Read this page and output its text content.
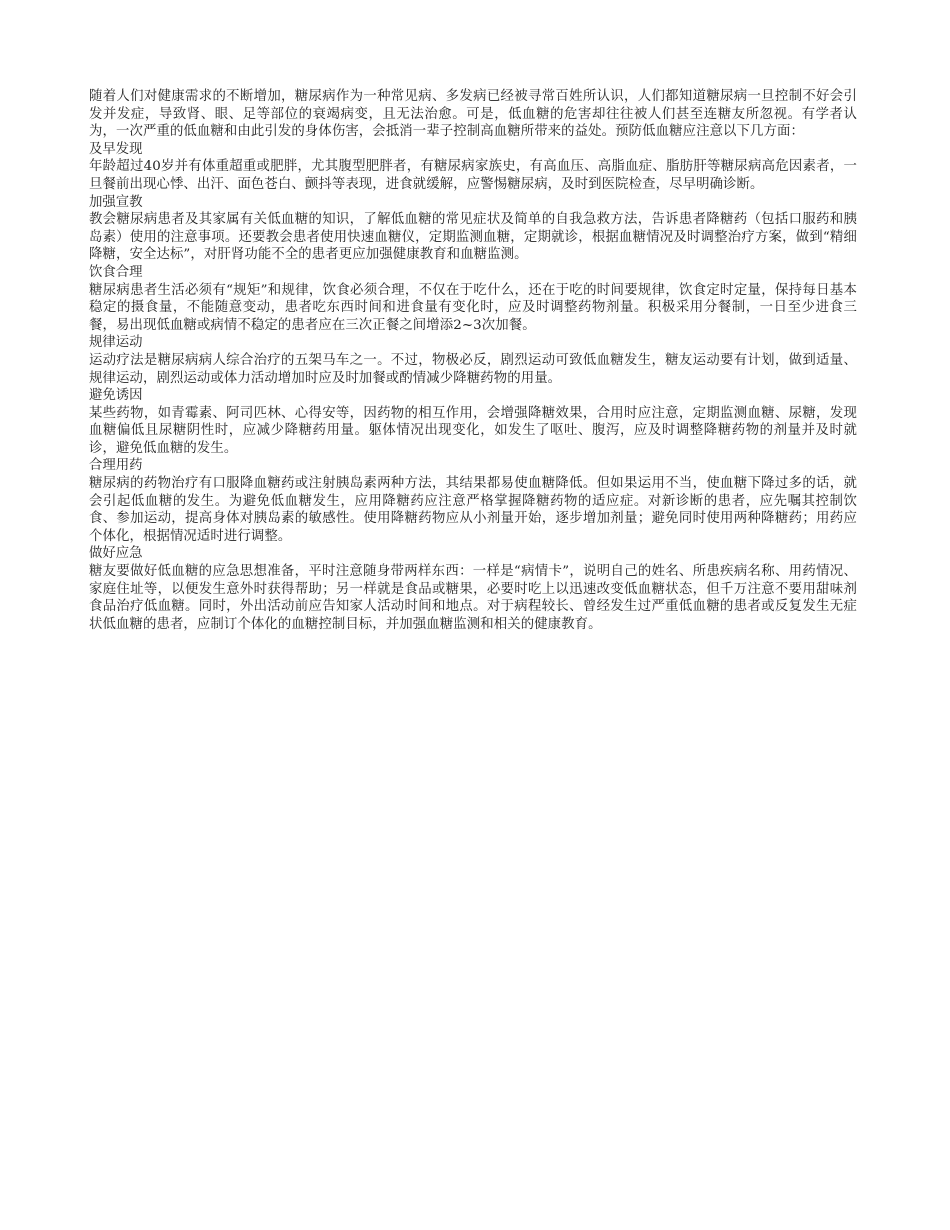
随着人们对健康需求的不断增加，糖尿病作为一种常见病、多发病已经被寻常百姓所认识，人们都知道糖尿病一旦控制不好会引发并发症，导致肾、眼、足等部位的衰竭病变，且无法治愈。可是，低血糖的危害却往往被人们甚至连糖友所忽视。有学者认为，一次严重的低血糖和由此引发的身体伤害，会抵消一辈子控制高血糖所带来的益处。预防低血糖应注意以下几方面：

及早发现

年龄超过40岁并有体重超重或肥胖，尤其腹型肥胖者，有糖尿病家族史，有高血压、高脂血症、脂肪肝等糖尿病高危因素者，一旦餐前出现心悸、出汗、面色苍白、颤抖等表现，进食就缓解，应警惕糖尿病，及时到医院检查，尽早明确诊断。

加强宣教

教会糖尿病患者及其家属有关低血糖的知识，了解低血糖的常见症状及简单的自我急救方法，告诉患者降糖药（包括口服药和胰岛素）使用的注意事项。还要教会患者使用快速血糖仪，定期监测血糖，定期就诊，根据血糖情况及时调整治疗方案，做到“精细降糖，安全达标”，对肝肾功能不全的患者更应加强健康教育和血糖监测。

饮食合理

糖尿病患者生活必须有“规矩”和规律，饮食必须合理，不仅在于吃什么，还在于吃的时间要规律，饮食定时定量，保持每日基本稳定的摄食量，不能随意变动，患者吃东西时间和进食量有变化时，应及时调整药物剂量。积极采用分餐制，一日至少进食三餐，易出现低血糖或病情不稳定的患者应在三次正餐之间增添2~3次加餐。

规律运动

运动疗法是糖尿病病人综合治疗的五架马车之一。不过，物极必反，剧烈运动可致低血糖发生，糖友运动要有计划，做到适量、规律运动，剧烈运动或体力活动增加时应及时加餐或酌情减少降糖药物的用量。

避免诱因

某些药物，如青霉素、阿司匹林、心得安等，因药物的相互作用，会增强降糖效果，合用时应注意，定期监测血糖、尿糖，发现血糖偏低且尿糖阴性时，应减少降糖药用量。躯体情况出现变化，如发生了呕吐、腹泻，应及时调整降糖药物的剂量并及时就诊，避免低血糖的发生。

合理用药

糖尿病的药物治疗有口服降血糖药或注射胰岛素两种方法，其结果都易使血糖降低。但如果运用不当，使血糖下降过多的话，就会引起低血糖的发生。为避免低血糖发生，应用降糖药应注意严格掌握降糖药物的适应症。对新诊断的患者，应先嘱其控制饮食、参加运动，提高身体对胰岛素的敏感性。使用降糖药物应从小剂量开始，逐步增加剂量；避免同时使用两种降糖药；用药应个体化，根据情况适时进行调整。

做好应急

糖友要做好低血糖的应急思想准备，平时注意随身带两样东西：一样是“病情卡”，说明自己的姓名、所患疾病名称、用药情况、家庭住址等，以便发生意外时获得帮助；另一样就是食品或糖果，必要时吃上以迅速改变低血糖状态，但千万注意不要用甜味剂食品治疗低血糖。同时，外出活动前应告知家人活动时间和地点。对于病程较长、曾经发生过严重低血糖的患者或反复发生无症状低血糖的患者，应制订个体化的血糖控制目标，并加强血糖监测和相关的健康教育。
